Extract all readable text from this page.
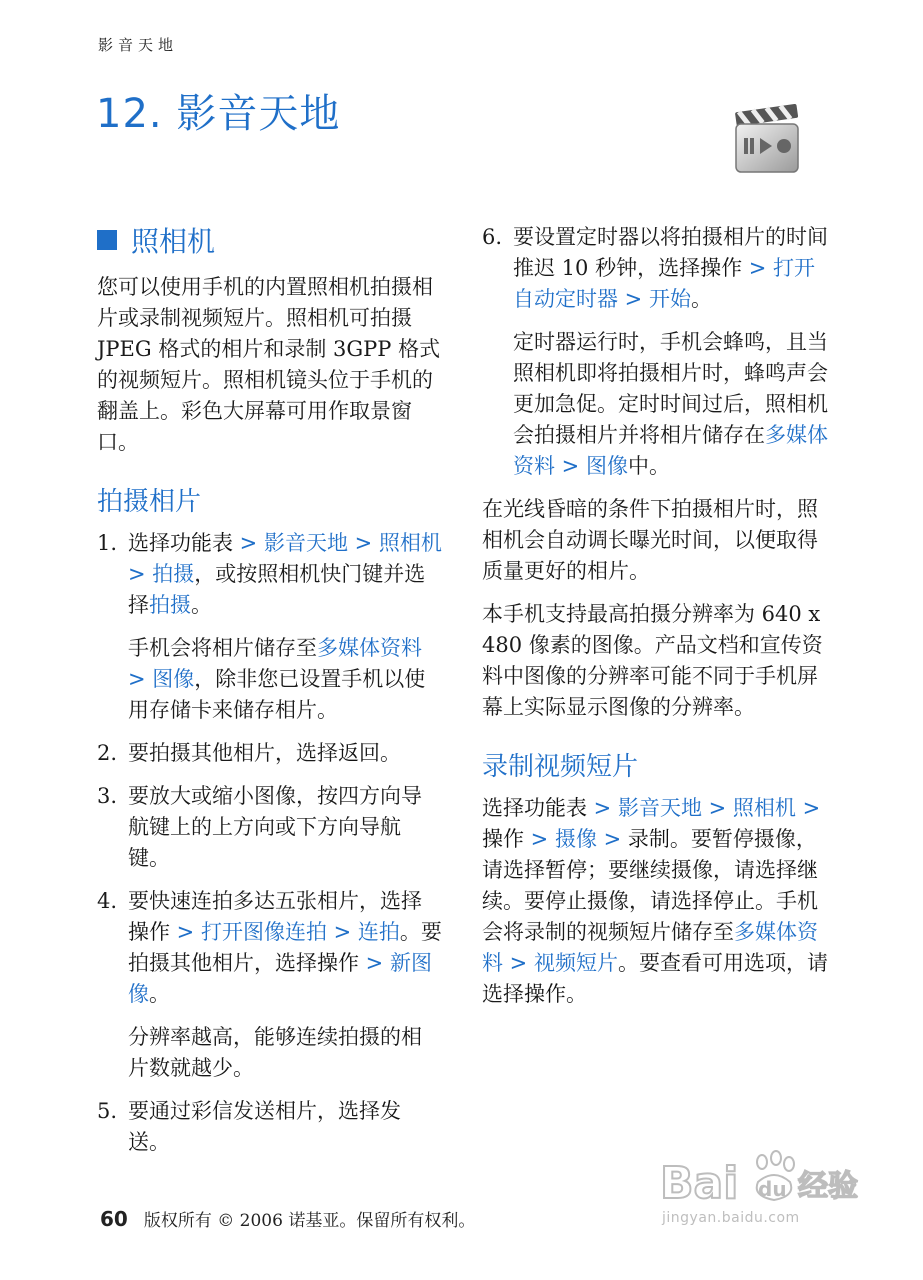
影音天地
12. 影音天地
照相机

您可以使用手机的内置照相机拍摄相片或录制视频短片。照相机可拍摄 JPEG 格式的相片和录制 3GPP 格式的视频短片。照相机镜头位于手机的翻盖上。彩色大屏幕可用作取景窗口。

拍摄相片
1. 选择功能表 > 影音天地 > 照相机 > 拍摄，或按照相机快门键并选择拍摄。
手机会将相片储存至多媒体资料 > 图像，除非您已设置手机以使用存储卡来储存相片。
2. 要拍摄其他相片，选择返回。
3. 要放大或缩小图像，按四方向导航键上的上方向或下方向导航键。
4. 要快速连拍多达五张相片，选择操作 > 打开图像连拍 > 连拍。要拍摄其他相片，选择操作 > 新图像。
分辨率越高，能够连续拍摄的相片数就越少。
5. 要通过彩信发送相片，选择发送。
6. 要设置定时器以将拍摄相片的时间推迟 10 秒钟，选择操作 > 打开自动定时器 > 开始。
定时器运行时，手机会蜂鸣，且当照相机即将拍摄相片时，蜂鸣声会更加急促。定时时间过后，照相机会拍摄相片并将相片储存在多媒体资料 > 图像中。

在光线昏暗的条件下拍摄相片时，照相机会自动调长曝光时间，以便取得质量更好的相片。

本手机支持最高拍摄分辨率为 640 x 480 像素的图像。产品文档和宣传资料中图像的分辨率可能不同于手机屏幕上实际显示图像的分辨率。

录制视频短片

选择功能表 > 影音天地 > 照相机 > 操作 > 摄像 > 录制。要暂停摄像，请选择暂停；要继续摄像，请选择继续。要停止摄像，请选择停止。手机会将录制的视频短片储存至多媒体资料 > 视频短片。要查看可用选项，请选择操作。

60 版权所有 © 2006 诺基亚。保留所有权利。
Bai du 经验
jingyan.baidu.com
